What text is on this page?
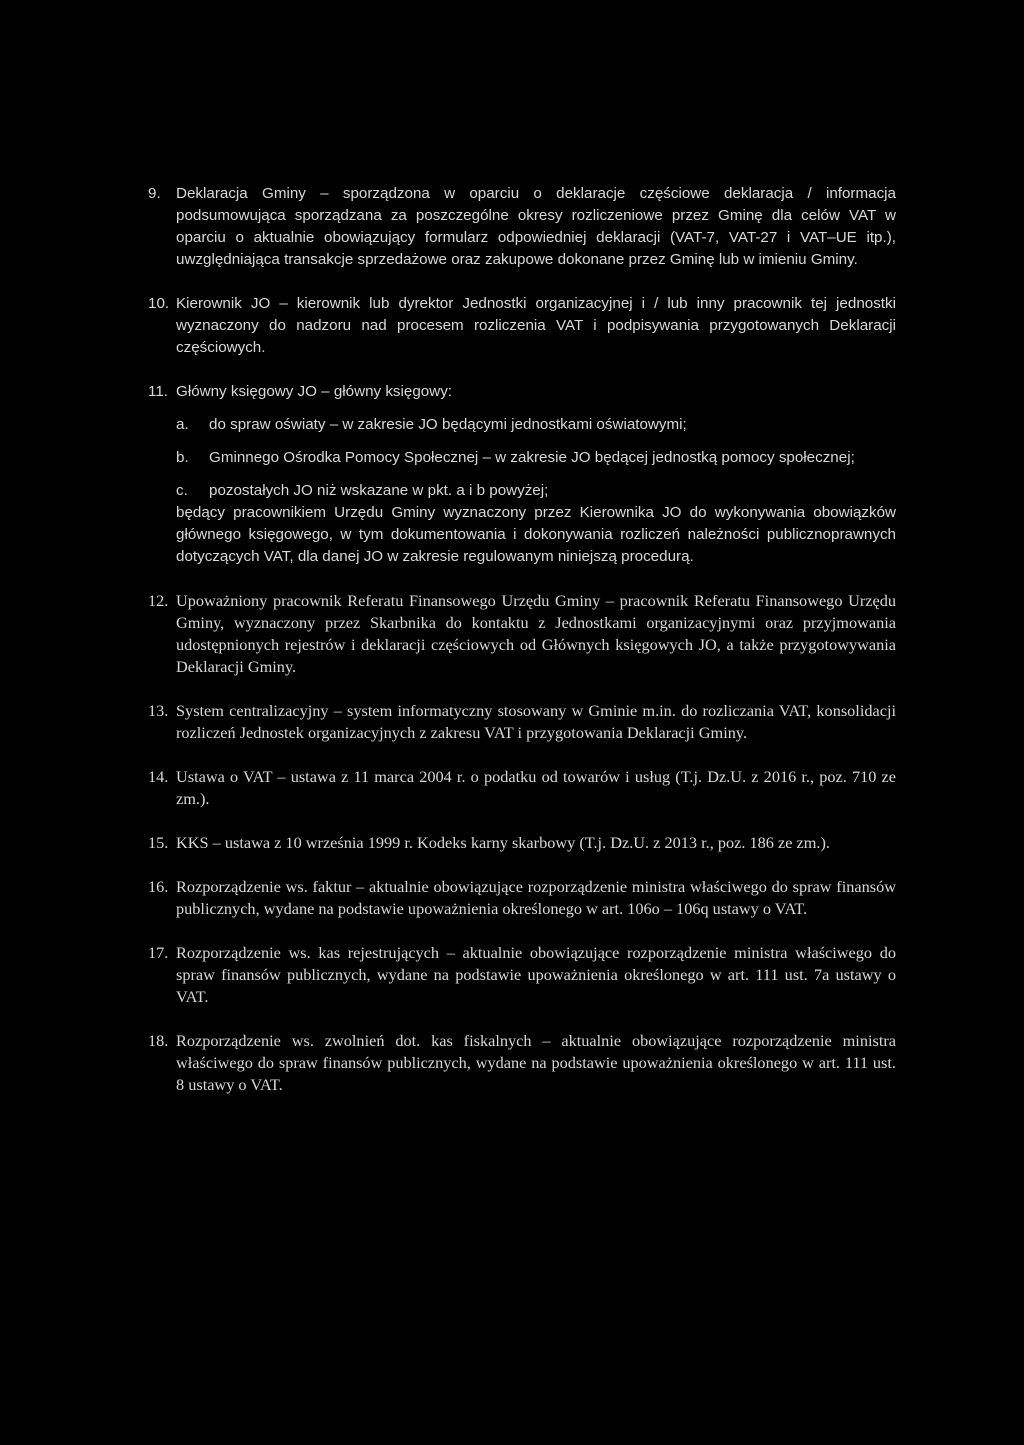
9.	Deklaracja Gminy – sporządzona w oparciu o deklaracje częściowe deklaracja / informacja podsumowująca sporządzana za poszczególne okresy rozliczeniowe przez Gminę dla celów VAT w oparciu o aktualnie obowiązujący formularz odpowiedniej deklaracji (VAT-7, VAT-27 i VAT–UE itp.), uwzględniająca transakcje sprzedażowe oraz zakupowe dokonane przez Gminę lub w imieniu Gminy.

10. Kierownik JO – kierownik lub dyrektor Jednostki organizacyjnej i / lub inny pracownik tej jednostki wyznaczony do nadzoru nad procesem rozliczenia VAT i podpisywania przygotowanych Deklaracji częściowych.

11. Główny księgowy JO – główny księgowy:

a.	do spraw oświaty – w zakresie JO będącymi jednostkami oświatowymi;
b.	Gminnego Ośrodka Pomocy Społecznej – w zakresie JO będącej jednostką pomocy społecznej;
c.	pozostałych JO niż wskazane w pkt. a i b powyżej;

będący pracownikiem Urzędu Gminy wyznaczony przez Kierownika JO do wykonywania obowiązków głównego księgowego, w tym dokumentowania i dokonywania rozliczeń należności publicznoprawnych dotyczących VAT, dla danej JO w zakresie regulowanym niniejszą procedurą.

12. Upoważniony pracownik Referatu Finansowego Urzędu Gminy – pracownik Referatu Finansowego Urzędu Gminy, wyznaczony przez Skarbnika do kontaktu z Jednostkami organizacyjnymi oraz przyjmowania udostępnionych rejestrów i deklaracji częściowych od Głównych księgowych JO, a także przygotowywania Deklaracji Gminy.

13. System centralizacyjny – system informatyczny stosowany w Gminie m.in. do rozliczania VAT, konsolidacji rozliczeń Jednostek organizacyjnych z zakresu VAT i przygotowania Deklaracji Gminy.

14. Ustawa o VAT – ustawa z 11 marca 2004 r. o podatku od towarów i usług (T.j. Dz.U. z 2016 r., poz. 710 ze zm.).

15. KKS – ustawa z 10 września 1999 r. Kodeks karny skarbowy (T.j. Dz.U. z 2013 r., poz. 186 ze zm.).

16. Rozporządzenie ws. faktur – aktualnie obowiązujące rozporządzenie ministra właściwego do spraw finansów publicznych, wydane na podstawie upoważnienia określonego w art. 106o – 106q ustawy o VAT.

17. Rozporządzenie ws. kas rejestrujących – aktualnie obowiązujące rozporządzenie ministra właściwego do spraw finansów publicznych, wydane na podstawie upoważnienia określonego w art. 111 ust. 7a ustawy o VAT.

18. Rozporządzenie ws. zwolnień dot. kas fiskalnych – aktualnie obowiązujące rozporządzenie ministra właściwego do spraw finansów publicznych, wydane na podstawie upoważnienia określonego w art. 111 ust. 8 ustawy o VAT.
